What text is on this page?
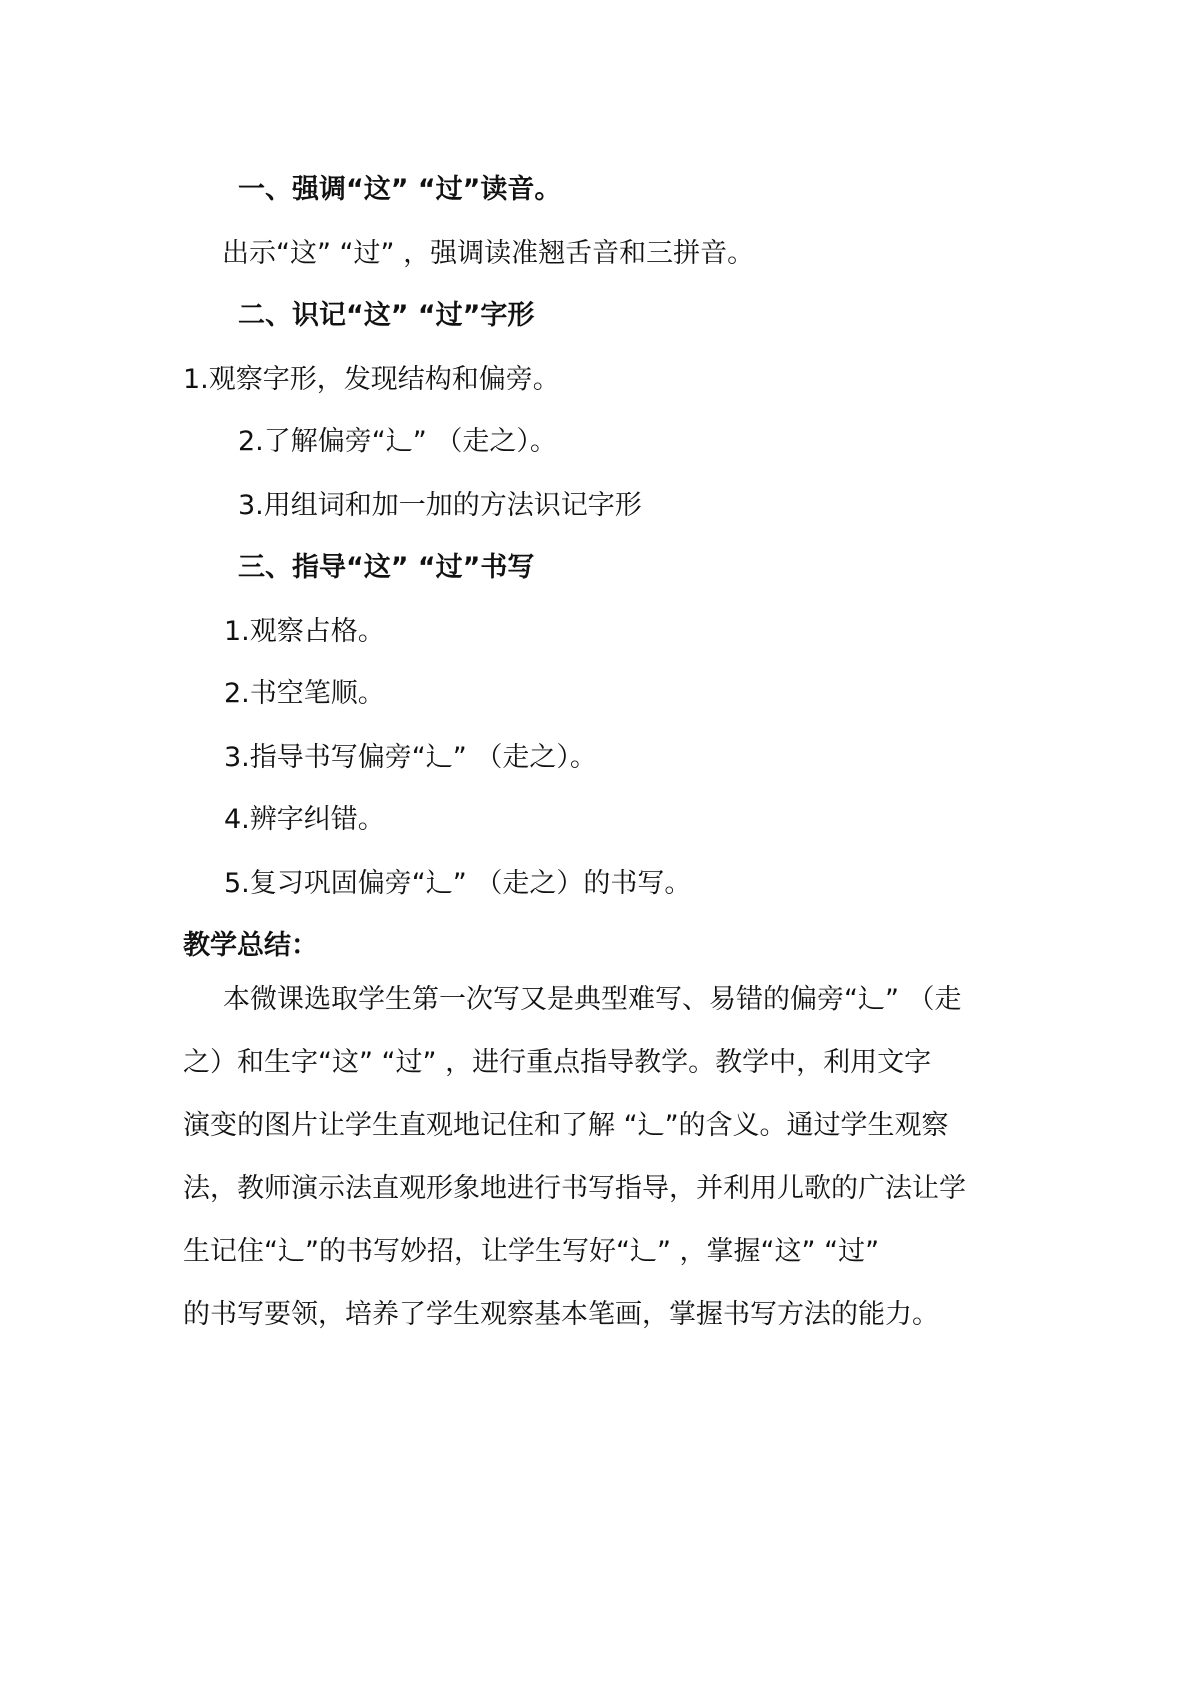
一、强调“这” “过”读音。
出示“这” “过” ，强调读准翘舌音和三拼音。
二、识记“这” “过”字形
1.观察字形，发现结构和偏旁。
2.了解偏旁“辶” （走之）。
3.用组词和加一加的方法识记字形
三、指导“这” “过”书写
1.观察占格。
2.书空笔顺。
3.指导书写偏旁“辶” （走之）。
4.辨字纠错。
5.复习巩固偏旁“辶” （走之）的书写。
教学总结：
本微课选取学生第一次写又是典型难写、易错的偏旁“辶” （走
之）和生字“这” “过” ，进行重点指导教学。教学中，利用文字
演变的图片让学生直观地记住和了解 “辶”的含义。通过学生观察
法，教师演示法直观形象地进行书写指导，并利用儿歌的广法让学
生记住“辶”的书写妙招，让学生写好“辶” ，掌握“这” “过”
的书写要领，培养了学生观察基本笔画，掌握书写方法的能力。
